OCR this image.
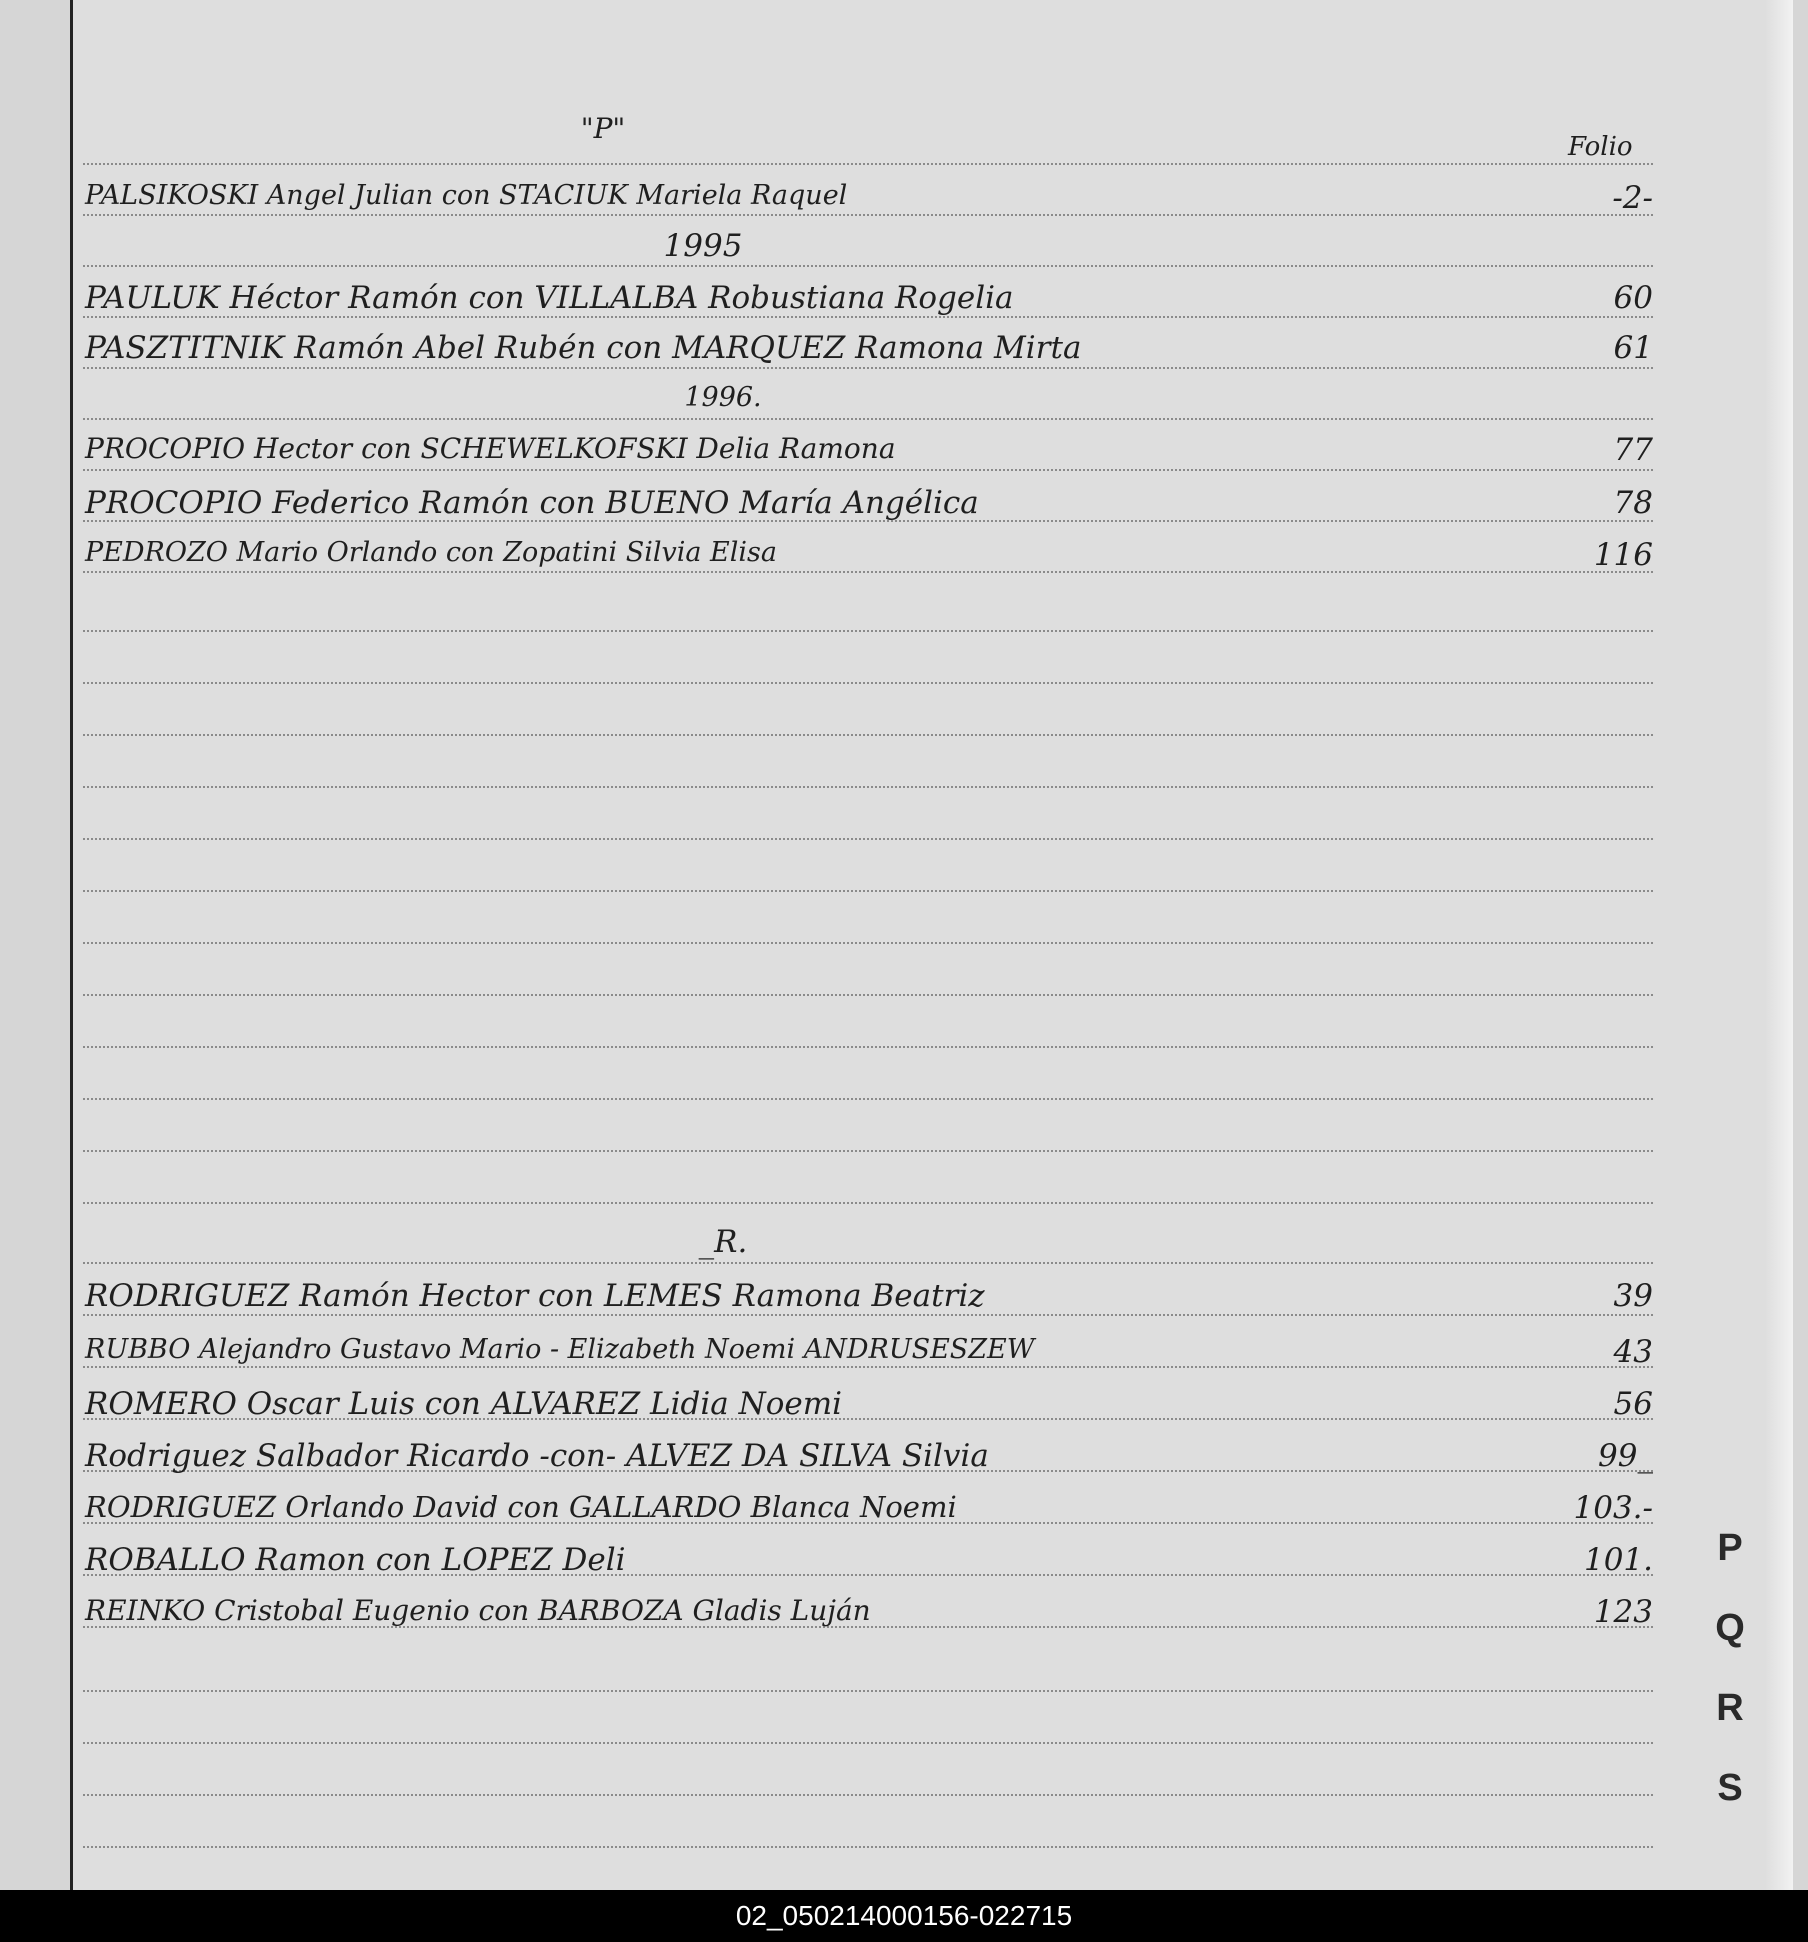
"P"
Folio
PALSIKOSKI Angel Julian con STACIUK Mariela Raquel	-2-
1995
PAULUK Héctor Ramón con VILLALBA Robustiana Rogelia	60
PASZTITNIK Ramón Abel Rubén con MARQUEZ Ramona Mirta	61
1996.
PROCOPIO Hector con SCHEWELKOFSKI Delia Ramona	77
PROCOPIO Federico Ramón con BUENO María Angélica	78
PEDROZO Mario Orlando con Zopatini Silvia Elisa	116
_R.
RODRIGUEZ Ramón Hector con LEMES Ramona Beatriz	39
RUBBO Alejandro Gustavo Mario - Elizabeth Noemi ANDRUSESZEW	43
ROMERO Oscar Luis con ALVAREZ Lidia Noemi	56
Rodriguez Salbador Ricardo -con- ALVEZ DA SILVA Silvia	99_
RODRIGUEZ Orlando David con GALLARDO Blanca Noemi	103.-
ROBALLO Ramon con LOPEZ Deli	101.
REINKO Cristobal Eugenio con BARBOZA Gladis Luján	123
P
Q
R
S
02_050214000156-022715
